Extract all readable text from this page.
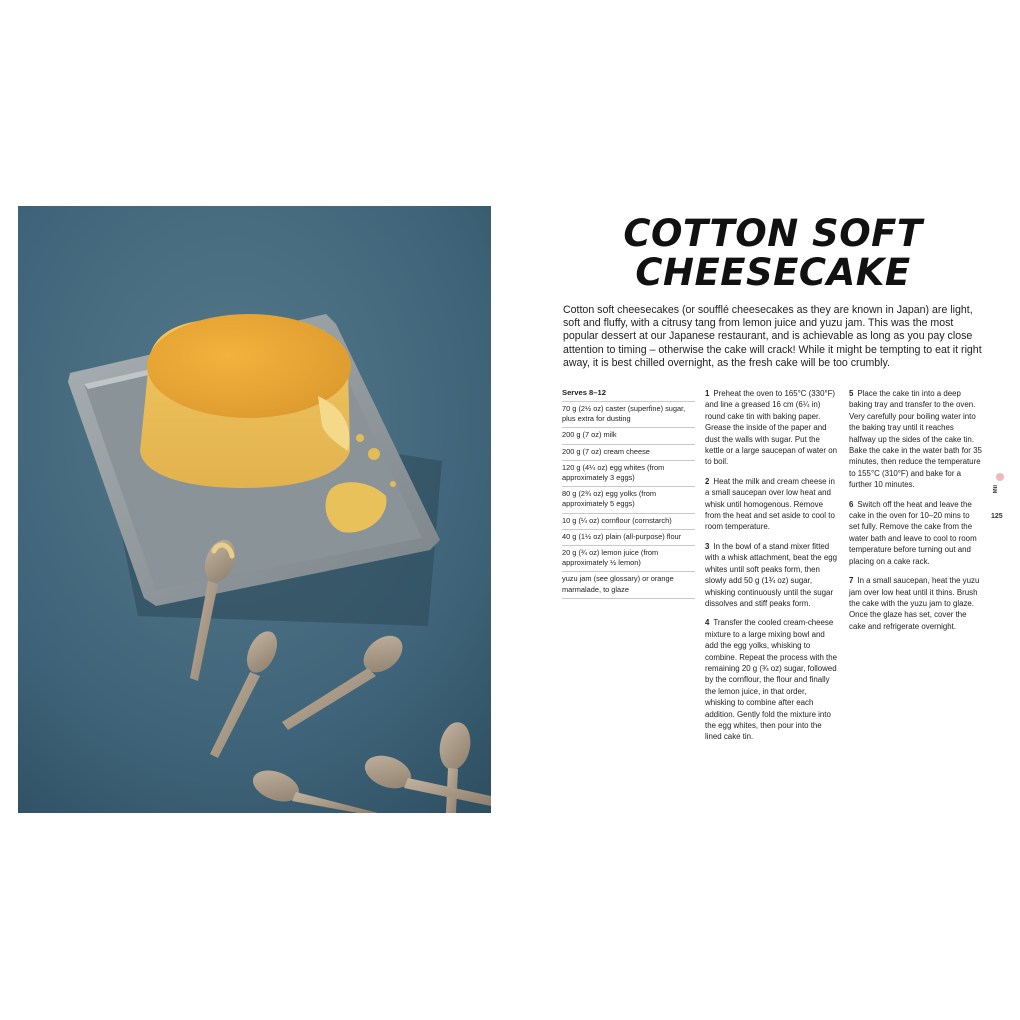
COTTON SOFT
CHEESECAKE

Cotton soft cheesecakes (or soufflé cheesecakes as they are known in Japan) are light, soft and fluffy, with a citrusy tang from lemon juice and yuzu jam. This was the most popular dessert at our Japanese restaurant, and is achievable as long as you pay close attention to timing – otherwise the cake will crack! While it might be tempting to eat it right away, it is best chilled overnight, as the fresh cake will be too crumbly.

Serves 8–12
70 g (2½ oz) caster (superfine) sugar, plus extra for dusting
200 g (7 oz) milk
200 g (7 oz) cream cheese
120 g (4¼ oz) egg whites (from approximately 3 eggs)
80 g (2¾ oz) egg yolks (from approximately 5 eggs)
10 g (¼ oz) cornflour (cornstarch)
40 g (1½ oz) plain (all-purpose) flour
20 g (¾ oz) lemon juice (from approximately ½ lemon)
yuzu jam (see glossary) or orange marmalade, to glaze

1 Preheat the oven to 165°C (330°F) and line a greased 16 cm (6¼ in) round cake tin with baking paper. Grease the inside of the paper and dust the walls with sugar. Put the kettle or a large saucepan of water on to boil.

2 Heat the milk and cream cheese in a small saucepan over low heat and whisk until homogenous. Remove from the heat and set aside to cool to room temperature.

3 In the bowl of a stand mixer fitted with a whisk attachment, beat the egg whites until soft peaks form, then slowly add 50 g (1¾ oz) sugar, whisking continuously until the sugar dissolves and stiff peaks form.

4 Transfer the cooled cream-cheese mixture to a large mixing bowl and add the egg yolks, whisking to combine. Repeat the process with the remaining 20 g (¾ oz) sugar, followed by the cornflour, the flour and finally the lemon juice, in that order, whisking to combine after each addition. Gently fold the mixture into the egg whites, then pour into the lined cake tin.

5 Place the cake tin into a deep baking tray and transfer to the oven. Very carefully pour boiling water into the baking tray until it reaches halfway up the sides of the cake tin. Bake the cake in the water bath for 35 minutes, then reduce the temperature to 155°C (310°F) and bake for a further 10 minutes.

6 Switch off the heat and leave the cake in the oven for 10–20 mins to set fully. Remove the cake from the water bath and leave to cool to room temperature before turning out and placing on a cake rack.

7 In a small saucepan, heat the yuzu jam over low heat until it thins. Brush the cake with the yuzu jam to glaze. Once the glaze has set, cover the cake and refrigerate overnight.

Mil
125
